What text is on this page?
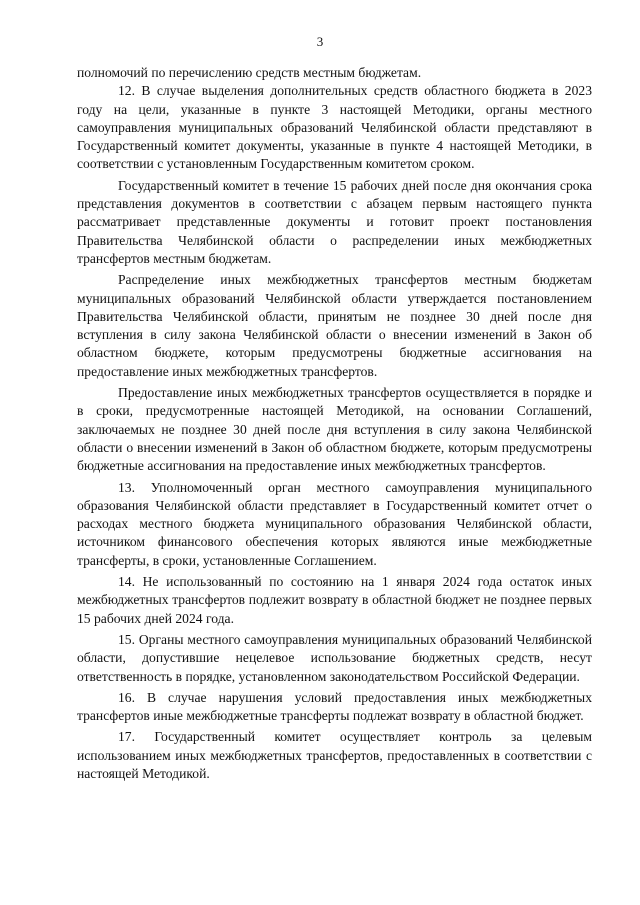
3

полномочий по перечислению средств местным бюджетам.

12. В случае выделения дополнительных средств областного бюджета в 2023 году на цели, указанные в пункте 3 настоящей Методики, органы местного самоуправления муниципальных образований Челябинской области представляют в Государственный комитет документы, указанные в пункте 4 настоящей Методики, в соответствии с установленным Государственным комитетом сроком.

Государственный комитет в течение 15 рабочих дней после дня окончания срока представления документов в соответствии с абзацем первым настоящего пункта рассматривает представленные документы и готовит проект постановления Правительства Челябинской области о распределении иных межбюджетных трансфертов местным бюджетам.

Распределение иных межбюджетных трансфертов местным бюджетам муниципальных образований Челябинской области утверждается постановлением Правительства Челябинской области, принятым не позднее 30 дней после дня вступления в силу закона Челябинской области о внесении изменений в Закон об областном бюджете, которым предусмотрены бюджетные ассигнования на предоставление иных межбюджетных трансфертов.

Предоставление иных межбюджетных трансфертов осуществляется в порядке и в сроки, предусмотренные настоящей Методикой, на основании Соглашений, заключаемых не позднее 30 дней после дня вступления в силу закона Челябинской области о внесении изменений в Закон об областном бюджете, которым предусмотрены бюджетные ассигнования на предоставление иных межбюджетных трансфертов.

13. Уполномоченный орган местного самоуправления муниципального образования Челябинской области представляет в Государственный комитет отчет о расходах местного бюджета муниципального образования Челябинской области, источником финансового обеспечения которых являются иные межбюджетные трансферты, в сроки, установленные Соглашением.

14. Не использованный по состоянию на 1 января 2024 года остаток иных межбюджетных трансфертов подлежит возврату в областной бюджет не позднее первых 15 рабочих дней 2024 года.

15. Органы местного самоуправления муниципальных образований Челябинской области, допустившие нецелевое использование бюджетных средств, несут ответственность в порядке, установленном законодательством Российской Федерации.

16. В случае нарушения условий предоставления иных межбюджетных трансфертов иные межбюджетные трансферты подлежат возврату в областной бюджет.

17. Государственный комитет осуществляет контроль за целевым использованием иных межбюджетных трансфертов, предоставленных в соответствии с настоящей Методикой.
